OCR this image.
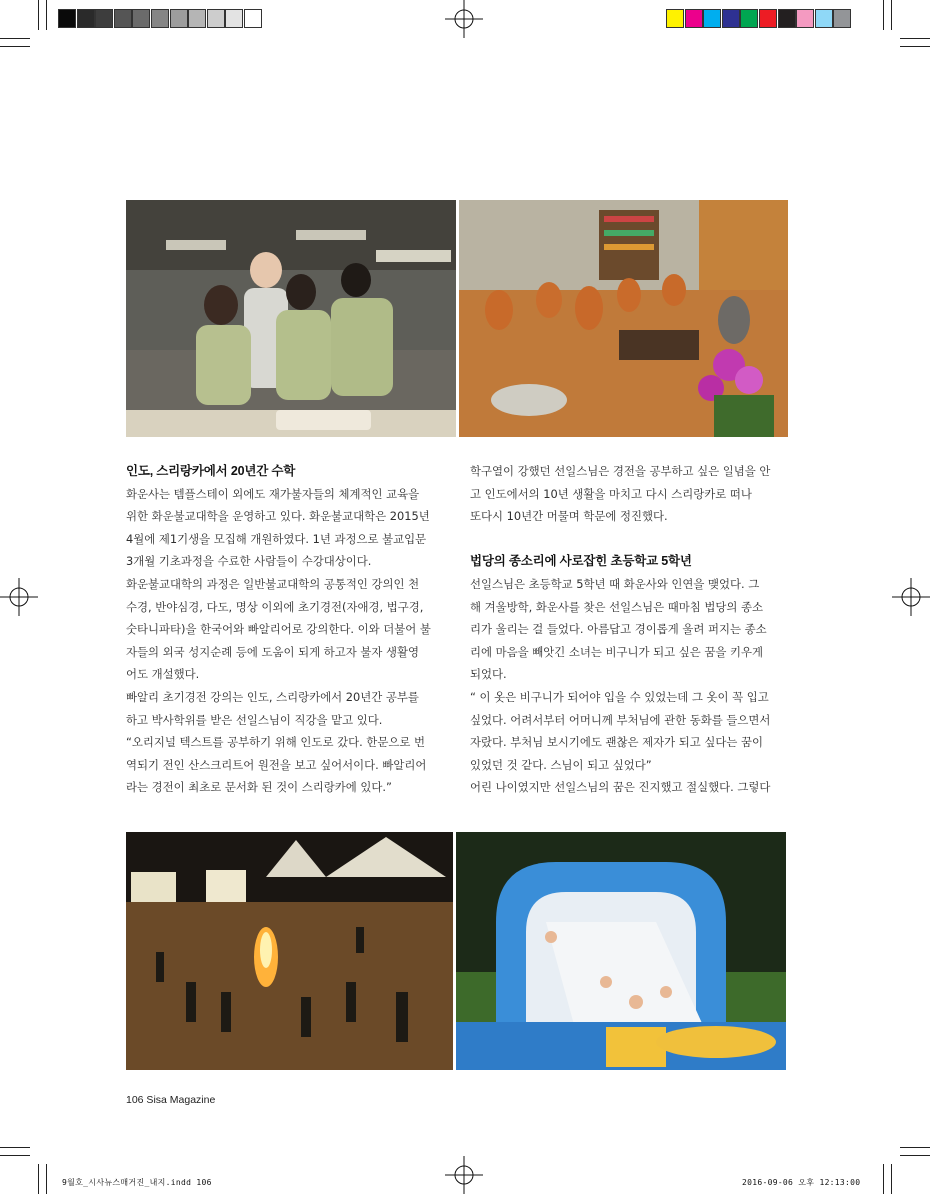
인도, 스리랑카에서 20년간 수학

화운사는 템플스테이 외에도 재가불자들의 체계적인 교육을

위한 화운불교대학을 운영하고 있다. 화운불교대학은 2015년

4월에 제1기생을 모집해 개원하였다. 1년 과정으로 불교입문

3개월 기초과정을 수료한 사람들이 수강대상이다.

화운불교대학의 과정은 일반불교대학의 공통적인 강의인 천

수경, 반야심경, 다도, 명상 이외에 초기경전(자애경, 법구경,

숫타니파타)을 한국어와 빠알리어로 강의한다. 이와 더불어 불

자들의 외국 성지순례 등에 도움이 되게 하고자 불자 생활영

어도 개설했다.

빠알리 초기경전 강의는 인도, 스리랑카에서 20년간 공부를

하고 박사학위를 받은 선일스님이 직강을 맡고 있다.

“오리지널 텍스트를 공부하기 위해 인도로 갔다. 한문으로 번

역되기 전인 산스크리트어 원전을 보고 싶어서이다. 빠알리어

라는 경전이 최초로 문서화 된 것이 스리랑카에 있다.”

학구열이 강했던 선일스님은 경전을 공부하고 싶은 일념을 안

고 인도에서의 10년 생활을 마치고 다시 스리랑카로 떠나

또다시 10년간 머물며 학문에 정진했다.

법당의 종소리에 사로잡힌 초등학교 5학년

선일스님은 초등학교 5학년 때 화운사와 인연을 맺었다. 그

해 겨울방학, 화운사를 찾은 선일스님은 때마침 법당의 종소

리가 울리는 걸 들었다. 아름답고 경이롭게 울려 퍼지는 종소

리에 마음을 빼앗긴 소녀는 비구니가 되고 싶은 꿈을 키우게

되었다.

“ 이 옷은 비구니가 되어야 입을 수 있었는데 그 옷이 꼭 입고

싶었다. 어려서부터 어머니께 부처님에 관한 동화를 들으면서

자랐다. 부처님 보시기에도 괜찮은 제자가 되고 싶다는 꿈이

있었던 것 같다. 스님이 되고 싶었다”

어린 나이였지만 선일스님의 꿈은 진지했고 절실했다. 그렇다

106 Sisa Magazine
9월호_시사뉴스매거진_내지.indd 106	2016-09-06 오후 12:13:00
